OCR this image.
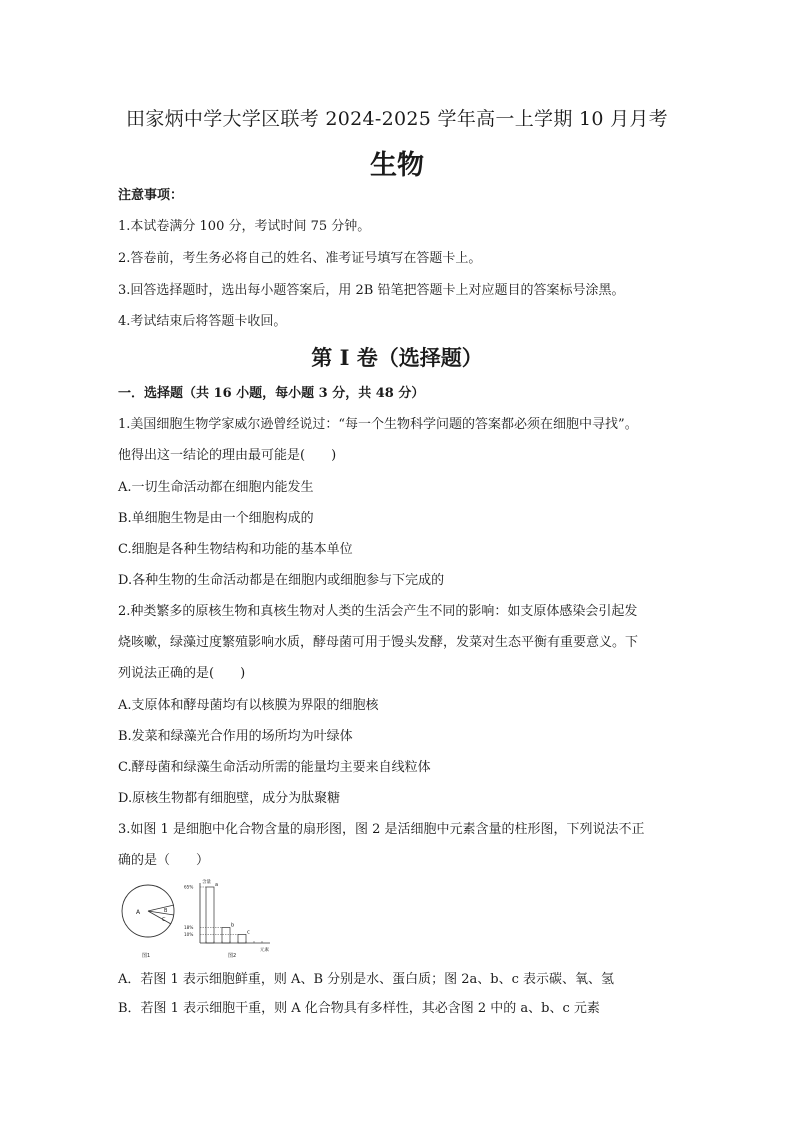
田家炳中学大学区联考 2024-2025 学年高一上学期 10 月月考
生物
注意事项：
1.本试卷满分 100 分，考试时间 75 分钟。
2.答卷前，考生务必将自己的姓名、准考证号填写在答题卡上。
3.回答选择题时，选出每小题答案后，用 2B 铅笔把答题卡上对应题目的答案标号涂黑。
4.考试结束后将答题卡收回。
第 I 卷（选择题）
一．选择题（共 16 小题，每小题 3 分，共 48 分）
1.美国细胞生物学家威尔逊曾经说过：“每一个生物科学问题的答案都必须在细胞中寻找”。
他得出这一结论的理由最可能是(　　)
A.一切生命活动都在细胞内能发生
B.单细胞生物是由一个细胞构成的
C.细胞是各种生物结构和功能的基本单位
D.各种生物的生命活动都是在细胞内或细胞参与下完成的
2.种类繁多的原核生物和真核生物对人类的生活会产生不同的影响：如支原体感染会引起发
烧咳嗽，绿藻过度繁殖影响水质，酵母菌可用于馒头发酵，发菜对生态平衡有重要意义。下
列说法正确的是(　　)
A.支原体和酵母菌均有以核膜为界限的细胞核
B.发菜和绿藻光合作用的场所均为叶绿体
C.酵母菌和绿藻生命活动所需的能量均主要来自线粒体
D.原核生物都有细胞壁，成分为肽聚糖
3.如图 1 是细胞中化合物含量的扇形图，图 2 是活细胞中元素含量的柱形图，下列说法不正
确的是（　　）
A	B
C
图1
含量
元素
65%
18%
10%
a
b
c
图2
A．若图 1 表示细胞鲜重，则 A、B 分别是水、蛋白质；图 2a、b、c 表示碳、氧、氢
B．若图 1 表示细胞干重，则 A 化合物具有多样性，其必含图 2 中的 a、b、c 元素
